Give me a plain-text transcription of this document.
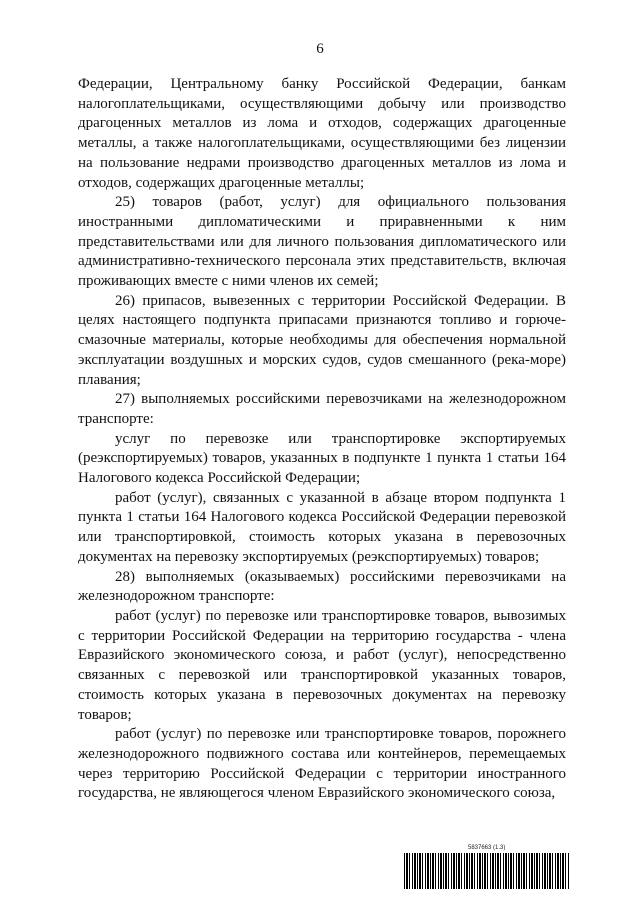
6

Федерации, Центральному банку Российской Федерации, банкам налогоплательщиками, осуществляющими добычу или производство драгоценных металлов из лома и отходов, содержащих драгоценные металлы, а также налогоплательщиками, осуществляющими без лицензии на пользование недрами производство драгоценных металлов из лома и отходов, содержащих драгоценные металлы;

25) товаров (работ, услуг) для официального пользования иностранными дипломатическими и приравненными к ним представительствами или для личного пользования дипломатического или административно-технического персонала этих представительств, включая проживающих вместе с ними членов их семей;

26) припасов, вывезенных с территории Российской Федерации. В целях настоящего подпункта припасами признаются топливо и горюче-смазочные материалы, которые необходимы для обеспечения нормальной эксплуатации воздушных и морских судов, судов смешанного (река-море) плавания;

27) выполняемых российскими перевозчиками на железнодорожном транспорте:

услуг по перевозке или транспортировке экспортируемых (реэкспортируемых) товаров, указанных в подпункте 1 пункта 1 статьи 164 Налогового кодекса Российской Федерации;

работ (услуг), связанных с указанной в абзаце втором подпункта 1 пункта 1 статьи 164 Налогового кодекса Российской Федерации перевозкой или транспортировкой, стоимость которых указана в перевозочных документах на перевозку экспортируемых (реэкспортируемых) товаров;

28) выполняемых (оказываемых) российскими перевозчиками на железнодорожном транспорте:

работ (услуг) по перевозке или транспортировке товаров, вывозимых с территории Российской Федерации на территорию государства - члена Евразийского экономического союза, и работ (услуг), непосредственно связанных с перевозкой или транспортировкой указанных товаров, стоимость которых указана в перевозочных документах на перевозку товаров;

работ (услуг) по перевозке или транспортировке товаров, порожнего железнодорожного подвижного состава или контейнеров, перемещаемых через территорию Российской Федерации с территории иностранного государства, не являющегося членом Евразийского экономического союза,

5837663 (1.3)
